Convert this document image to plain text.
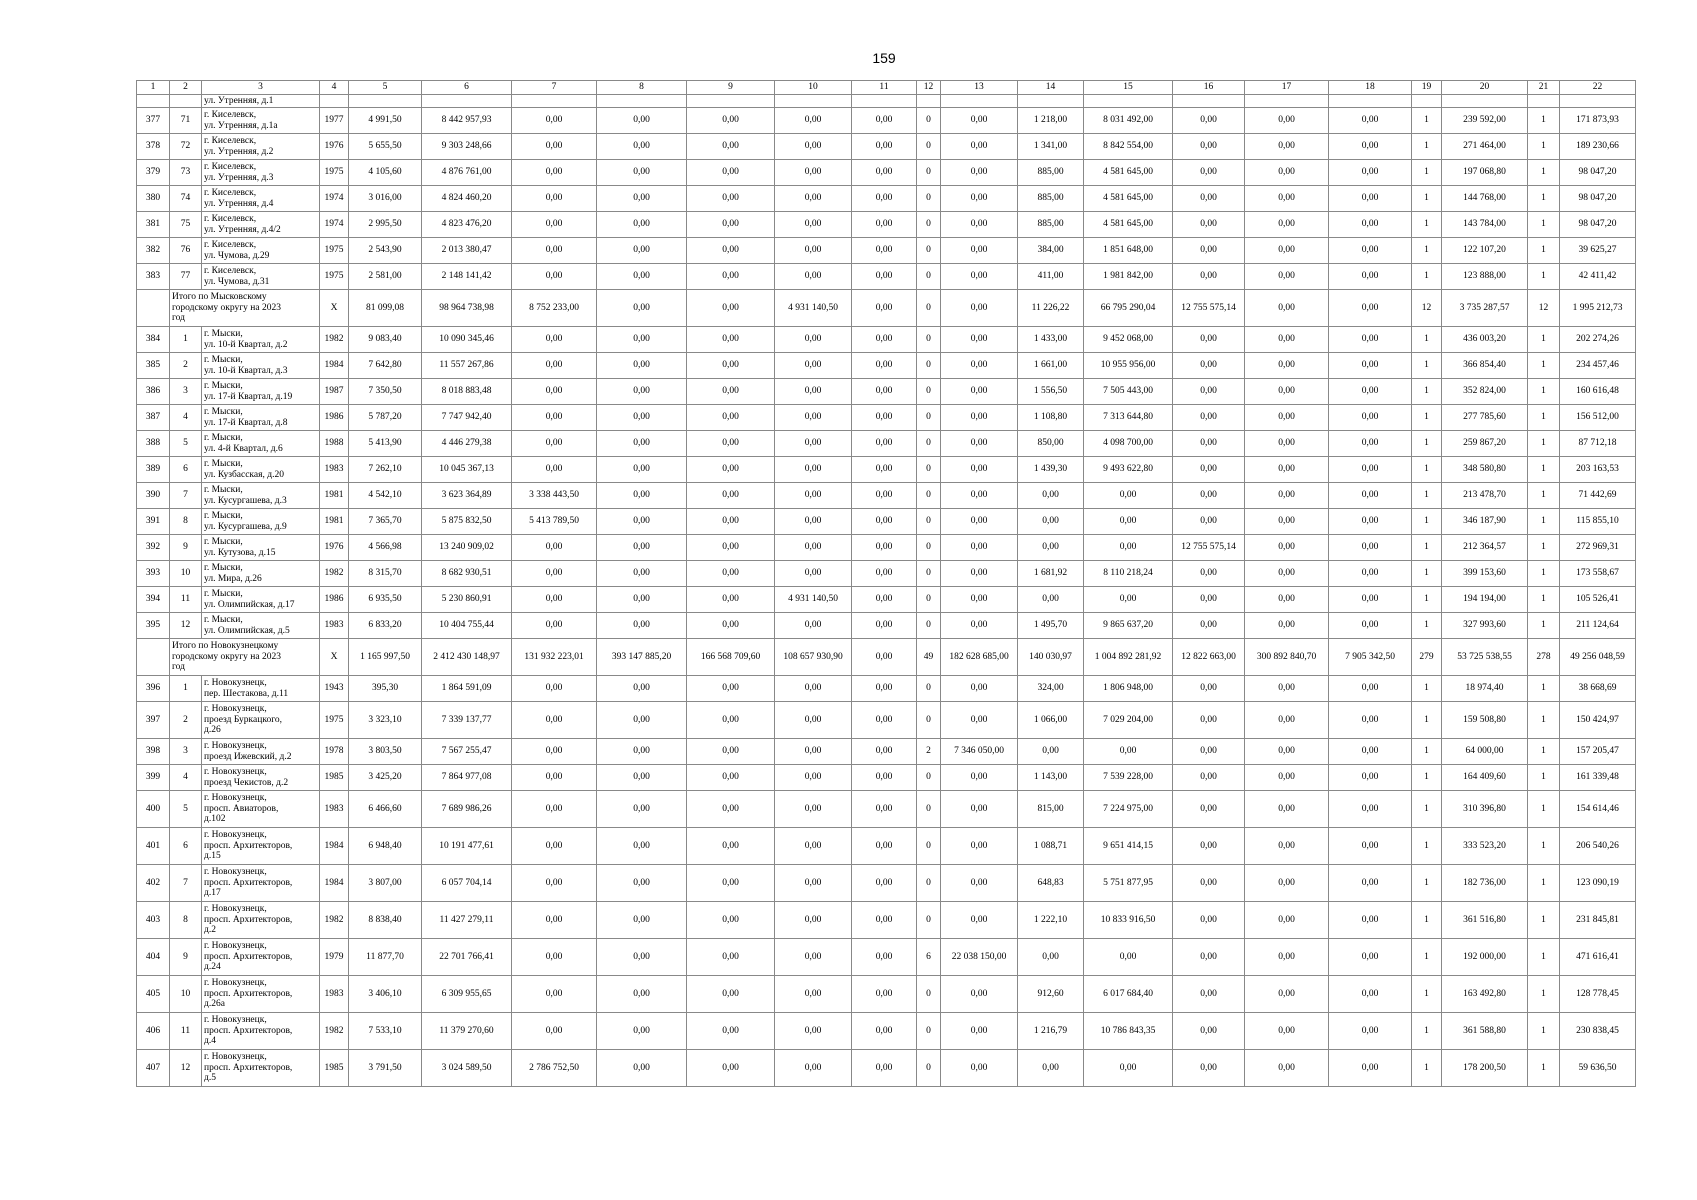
159
1	2	3	4	5	6	7	8	9	10	11	12	13	14	15	16	17	18	19	20	21	22

		ул. Утренняя, д.1																			

377	71	г. Киселевск,
ул. Утренняя, д.1а	1977	4 991,50	8 442 957,93	0,00	0,00	0,00	0,00	0,00	0	0,00	1 218,00	8 031 492,00	0,00	0,00	0,00	1	239 592,00	1	171 873,93
378	72	г. Киселевск,
ул. Утренняя, д.2	1976	5 655,50	9 303 248,66	0,00	0,00	0,00	0,00	0,00	0	0,00	1 341,00	8 842 554,00	0,00	0,00	0,00	1	271 464,00	1	189 230,66
379	73	г. Киселевск,
ул. Утренняя, д.3	1975	4 105,60	4 876 761,00	0,00	0,00	0,00	0,00	0,00	0	0,00	885,00	4 581 645,00	0,00	0,00	0,00	1	197 068,80	1	98 047,20
380	74	г. Киселевск,
ул. Утренняя, д.4	1974	3 016,00	4 824 460,20	0,00	0,00	0,00	0,00	0,00	0	0,00	885,00	4 581 645,00	0,00	0,00	0,00	1	144 768,00	1	98 047,20
381	75	г. Киселевск,
ул. Утренняя, д.4/2	1974	2 995,50	4 823 476,20	0,00	0,00	0,00	0,00	0,00	0	0,00	885,00	4 581 645,00	0,00	0,00	0,00	1	143 784,00	1	98 047,20
382	76	г. Киселевск,
ул. Чумова, д.29	1975	2 543,90	2 013 380,47	0,00	0,00	0,00	0,00	0,00	0	0,00	384,00	1 851 648,00	0,00	0,00	0,00	1	122 107,20	1	39 625,27
383	77	г. Киселевск,
ул. Чумова, д.31	1975	2 581,00	2 148 141,42	0,00	0,00	0,00	0,00	0,00	0	0,00	411,00	1 981 842,00	0,00	0,00	0,00	1	123 888,00	1	42 411,42

	Итого по Мысковскому
городскому округу на 2023
год		X	81 099,08	98 964 738,98	8 752 233,00	0,00	0,00	4 931 140,50	0,00	0	0,00	11 226,22	66 795 290,04	12 755 575,14	0,00	0,00	12	3 735 287,57	12	1 995 212,73
384	1	г. Мыски,
ул. 10-й Квартал, д.2	1982	9 083,40	10 090 345,46	0,00	0,00	0,00	0,00	0,00	0	0,00	1 433,00	9 452 068,00	0,00	0,00	0,00	1	436 003,20	1	202 274,26
385	2	г. Мыски,
ул. 10-й Квартал, д.3	1984	7 642,80	11 557 267,86	0,00	0,00	0,00	0,00	0,00	0	0,00	1 661,00	10 955 956,00	0,00	0,00	0,00	1	366 854,40	1	234 457,46
386	3	г. Мыски,
ул. 17-й Квартал, д.19	1987	7 350,50	8 018 883,48	0,00	0,00	0,00	0,00	0,00	0	0,00	1 556,50	7 505 443,00	0,00	0,00	0,00	1	352 824,00	1	160 616,48
387	4	г. Мыски,
ул. 17-й Квартал, д.8	1986	5 787,20	7 747 942,40	0,00	0,00	0,00	0,00	0,00	0	0,00	1 108,80	7 313 644,80	0,00	0,00	0,00	1	277 785,60	1	156 512,00
388	5	г. Мыски,
ул. 4-й Квартал, д.6	1988	5 413,90	4 446 279,38	0,00	0,00	0,00	0,00	0,00	0	0,00	850,00	4 098 700,00	0,00	0,00	0,00	1	259 867,20	1	87 712,18
389	6	г. Мыски,
ул. Кузбасская, д.20	1983	7 262,10	10 045 367,13	0,00	0,00	0,00	0,00	0,00	0	0,00	1 439,30	9 493 622,80	0,00	0,00	0,00	1	348 580,80	1	203 163,53
390	7	г. Мыски,
ул. Кусургашева, д.3	1981	4 542,10	3 623 364,89	3 338 443,50	0,00	0,00	0,00	0,00	0	0,00	0,00	0,00	0,00	0,00	0,00	1	213 478,70	1	71 442,69
391	8	г. Мыски,
ул. Кусургашева, д.9	1981	7 365,70	5 875 832,50	5 413 789,50	0,00	0,00	0,00	0,00	0	0,00	0,00	0,00	0,00	0,00	0,00	1	346 187,90	1	115 855,10
392	9	г. Мыски,
ул. Кутузова, д.15	1976	4 566,98	13 240 909,02	0,00	0,00	0,00	0,00	0,00	0	0,00	0,00	0,00	12 755 575,14	0,00	0,00	1	212 364,57	1	272 969,31
393	10	г. Мыски,
ул. Мира, д.26	1982	8 315,70	8 682 930,51	0,00	0,00	0,00	0,00	0,00	0	0,00	1 681,92	8 110 218,24	0,00	0,00	0,00	1	399 153,60	1	173 558,67
394	11	г. Мыски,
ул. Олимпийская, д.17	1986	6 935,50	5 230 860,91	0,00	0,00	0,00	4 931 140,50	0,00	0	0,00	0,00	0,00	0,00	0,00	0,00	1	194 194,00	1	105 526,41
395	12	г. Мыски,
ул. Олимпийская, д.5	1983	6 833,20	10 404 755,44	0,00	0,00	0,00	0,00	0,00	0	0,00	1 495,70	9 865 637,20	0,00	0,00	0,00	1	327 993,60	1	211 124,64

	Итого по Новокузнецкому
городскому округу на 2023
год		X	1 165 997,50	2 412 430 148,97	131 932 223,01	393 147 885,20	166 568 709,60	108 657 930,90	0,00	49	182 628 685,00	140 030,97	1 004 892 281,92	12 822 663,00	300 892 840,70	7 905 342,50	279	53 725 538,55	278	49 256 048,59
396	1	г. Новокузнецк,
пер. Шестакова, д.11	1943	395,30	1 864 591,09	0,00	0,00	0,00	0,00	0,00	0	0,00	324,00	1 806 948,00	0,00	0,00	0,00	1	18 974,40	1	38 668,69
397	2	г. Новокузнецк,
проезд Буркацкого,
д.26	1975	3 323,10	7 339 137,77	0,00	0,00	0,00	0,00	0,00	0	0,00	1 066,00	7 029 204,00	0,00	0,00	0,00	1	159 508,80	1	150 424,97
398	3	г. Новокузнецк,
проезд Ижевский, д.2	1978	3 803,50	7 567 255,47	0,00	0,00	0,00	0,00	0,00	2	7 346 050,00	0,00	0,00	0,00	0,00	0,00	1	64 000,00	1	157 205,47
399	4	г. Новокузнецк,
проезд Чекистов, д.2	1985	3 425,20	7 864 977,08	0,00	0,00	0,00	0,00	0,00	0	0,00	1 143,00	7 539 228,00	0,00	0,00	0,00	1	164 409,60	1	161 339,48
400	5	г. Новокузнецк,
просп. Авиаторов,
д.102	1983	6 466,60	7 689 986,26	0,00	0,00	0,00	0,00	0,00	0	0,00	815,00	7 224 975,00	0,00	0,00	0,00	1	310 396,80	1	154 614,46
401	6	г. Новокузнецк,
просп. Архитекторов,
д.15	1984	6 948,40	10 191 477,61	0,00	0,00	0,00	0,00	0,00	0	0,00	1 088,71	9 651 414,15	0,00	0,00	0,00	1	333 523,20	1	206 540,26
402	7	г. Новокузнецк,
просп. Архитекторов,
д.17	1984	3 807,00	6 057 704,14	0,00	0,00	0,00	0,00	0,00	0	0,00	648,83	5 751 877,95	0,00	0,00	0,00	1	182 736,00	1	123 090,19
403	8	г. Новокузнецк,
просп. Архитекторов,
д.2	1982	8 838,40	11 427 279,11	0,00	0,00	0,00	0,00	0,00	0	0,00	1 222,10	10 833 916,50	0,00	0,00	0,00	1	361 516,80	1	231 845,81
404	9	г. Новокузнецк,
просп. Архитекторов,
д.24	1979	11 877,70	22 701 766,41	0,00	0,00	0,00	0,00	0,00	6	22 038 150,00	0,00	0,00	0,00	0,00	0,00	1	192 000,00	1	471 616,41
405	10	г. Новокузнецк,
просп. Архитекторов,
д.26а	1983	3 406,10	6 309 955,65	0,00	0,00	0,00	0,00	0,00	0	0,00	912,60	6 017 684,40	0,00	0,00	0,00	1	163 492,80	1	128 778,45
406	11	г. Новокузнецк,
просп. Архитекторов,
д.4	1982	7 533,10	11 379 270,60	0,00	0,00	0,00	0,00	0,00	0	0,00	1 216,79	10 786 843,35	0,00	0,00	0,00	1	361 588,80	1	230 838,45
407	12	г. Новокузнецк,
просп. Архитекторов,
д.5	1985	3 791,50	3 024 589,50	2 786 752,50	0,00	0,00	0,00	0,00	0	0,00	0,00	0,00	0,00	0,00	0,00	1	178 200,50	1	59 636,50
